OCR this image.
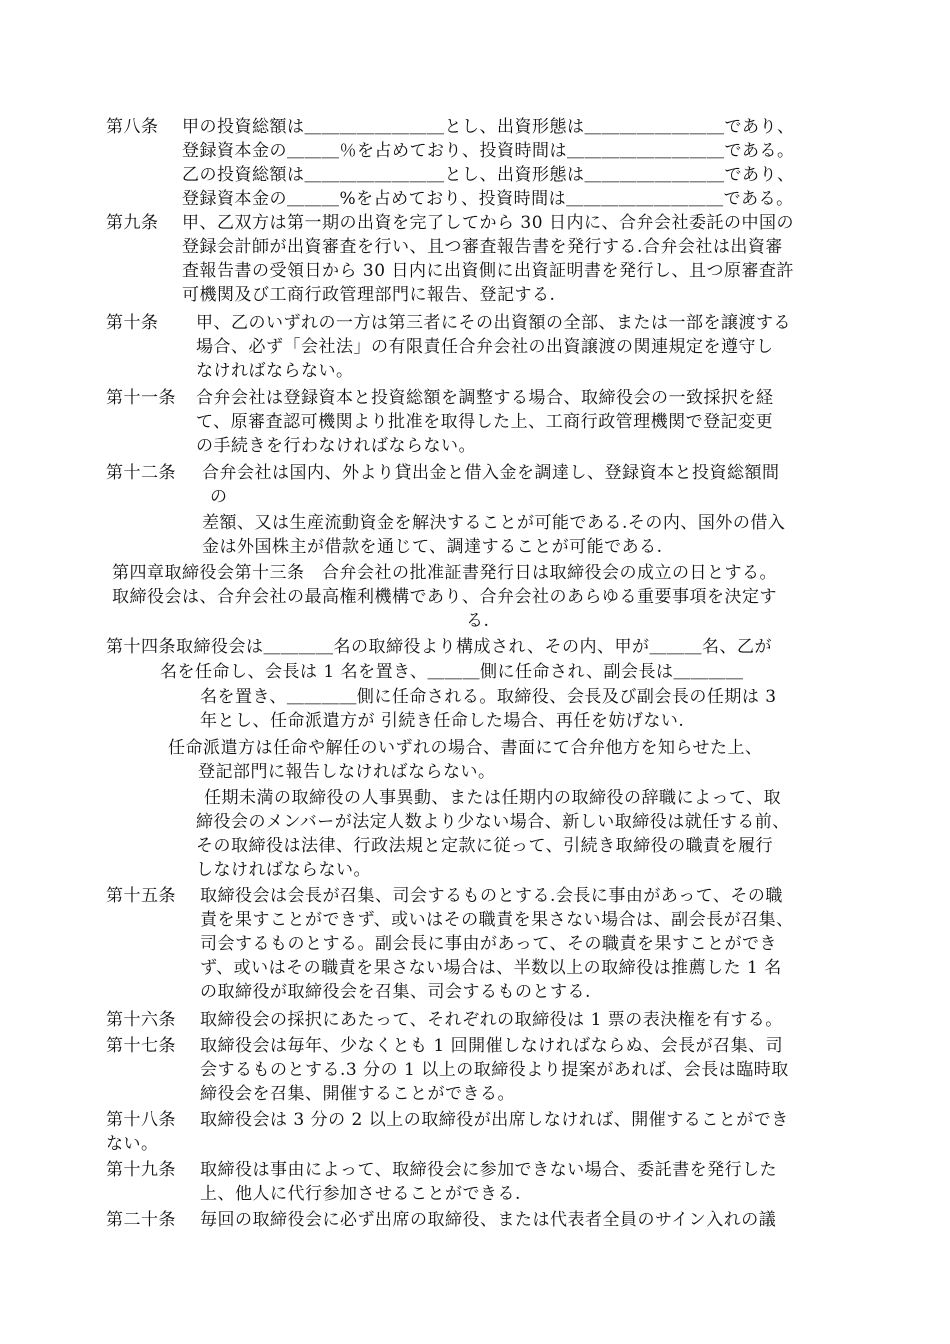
第八条 甲の投資総額は＿＿＿＿＿＿＿＿とし、出資形態は＿＿＿＿＿＿＿＿であり、
登録資本金の＿＿＿％を占めており、投資時間は＿＿＿＿＿＿＿＿＿である。
乙の投資総額は＿＿＿＿＿＿＿＿とし、出資形態は＿＿＿＿＿＿＿＿であり、
登録資本金の＿＿＿%を占めており、投資時間は＿＿＿＿＿＿＿＿＿である。
第九条 甲、乙双方は第一期の出資を完了してから 30 日内に、合弁会社委託の中国の
登録会計師が出資審査を行い、且つ審査報告書を発行する.合弁会社は出資審
査報告書の受領日から 30 日内に出資側に出資証明書を発行し、且つ原審査許
可機関及び工商行政管理部門に報告、登記する.
第十条 甲、乙のいずれの一方は第三者にその出資額の全部、または一部を譲渡する
場合、必ず「会社法」の有限責任合弁会社の出資譲渡の関連規定を遵守し
なければならない。
第十一条 合弁会社は登録資本と投資総額を調整する場合、取締役会の一致採択を経
て、原審査認可機関より批准を取得した上、工商行政管理機関で登記変更
の手続きを行わなければならない。
第十二条 合弁会社は国内、外より貸出金と借入金を調達し、登録資本と投資総額間
の
差額、又は生産流動資金を解決することが可能である.その内、国外の借入
金は外国株主が借款を通じて、調達することが可能である.
第四章取締役会第十三条　合弁会社の批准証書発行日は取締役会の成立の日とする。
取締役会は、合弁会社の最高権利機構であり、合弁会社のあらゆる重要事項を決定す
る.
第十四条取締役会は＿＿＿＿名の取締役より構成され、その内、甲が＿＿＿名、乙が
名を任命し、会長は 1 名を置き、＿＿＿側に任命され、副会長は＿＿＿＿
名を置き、＿＿＿＿側に任命される。取締役、会長及び副会長の任期は 3
年とし、任命派遣方が 引続き任命した場合、再任を妨げない.
任命派遣方は任命や解任のいずれの場合、書面にて合弁他方を知らせた上、
登記部門に報告しなければならない。
任期未満の取締役の人事異動、または任期内の取締役の辞職によって、取
締役会のメンバーが法定人数より少ない場合、新しい取締役は就任する前、
その取締役は法律、行政法規と定款に従って、引続き取締役の職責を履行
しなければならない。
第十五条 取締役会は会長が召集、司会するものとする.会長に事由があって、その職
責を果すことができず、或いはその職責を果さない場合は、副会長が召集、
司会するものとする。副会長に事由があって、その職責を果すことができ
ず、或いはその職責を果さない場合は、半数以上の取締役は推薦した 1 名
の取締役が取締役会を召集、司会するものとする.
第十六条 取締役会の採択にあたって、それぞれの取締役は 1 票の表決権を有する。
第十七条 取締役会は毎年、少なくとも 1 回開催しなければならぬ、会長が召集、司
会するものとする.3 分の 1 以上の取締役より提案があれば、会長は臨時取
締役会を召集、開催することができる。
第十八条 取締役会は 3 分の 2 以上の取締役が出席しなければ、開催することができ
ない。
第十九条 取締役は事由によって、取締役会に参加できない場合、委託書を発行した
上、他人に代行参加させることができる.
第二十条 毎回の取締役会に必ず出席の取締役、または代表者全員のサイン入れの議
